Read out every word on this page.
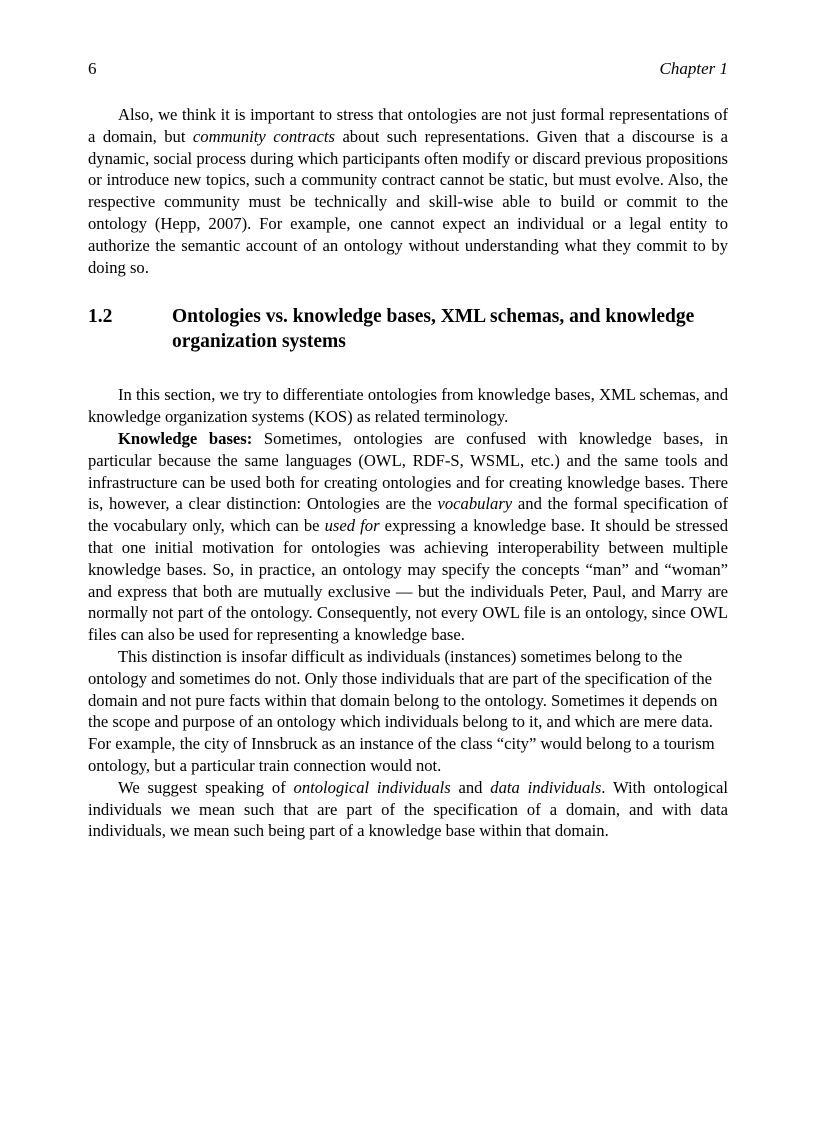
6	Chapter 1

Also, we think it is important to stress that ontologies are not just formal representations of a domain, but community contracts about such representations. Given that a discourse is a dynamic, social process during which participants often modify or discard previous propositions or introduce new topics, such a community contract cannot be static, but must evolve. Also, the respective community must be technically and skill-wise able to build or commit to the ontology (Hepp, 2007). For example, one cannot expect an individual or a legal entity to authorize the semantic account of an ontology without understanding what they commit to by doing so.

1.2	Ontologies vs. knowledge bases, XML schemas, and knowledge organization systems

In this section, we try to differentiate ontologies from knowledge bases, XML schemas, and knowledge organization systems (KOS) as related terminology.

Knowledge bases: Sometimes, ontologies are confused with knowledge bases, in particular because the same languages (OWL, RDF-S, WSML, etc.) and the same tools and infrastructure can be used both for creating ontologies and for creating knowledge bases. There is, however, a clear distinction: Ontologies are the vocabulary and the formal specification of the vocabulary only, which can be used for expressing a knowledge base. It should be stressed that one initial motivation for ontologies was achieving interoperability between multiple knowledge bases. So, in practice, an ontology may specify the concepts “man” and “woman” and express that both are mutually exclusive — but the individuals Peter, Paul, and Marry are normally not part of the ontology. Consequently, not every OWL file is an ontology, since OWL files can also be used for representing a knowledge base.

This distinction is insofar difficult as individuals (instances) sometimes belong to the ontology and sometimes do not. Only those individuals that are part of the specification of the domain and not pure facts within that domain belong to the ontology. Sometimes it depends on the scope and purpose of an ontology which individuals belong to it, and which are mere data. For example, the city of Innsbruck as an instance of the class “city” would belong to a tourism ontology, but a particular train connection would not.

We suggest speaking of ontological individuals and data individuals. With ontological individuals we mean such that are part of the specification of a domain, and with data individuals, we mean such being part of a knowledge base within that domain.
